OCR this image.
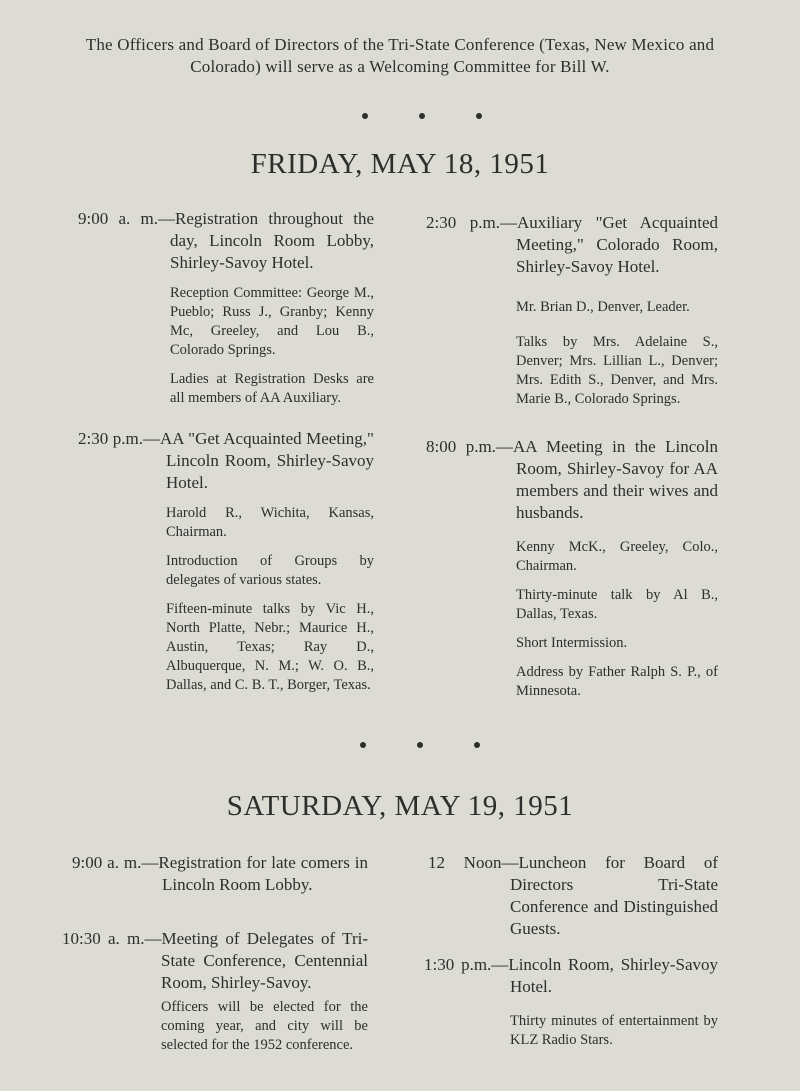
The Officers and Board of Directors of the Tri-State Conference (Texas, New Mexico and Colorado) will serve as a Welcoming Committee for Bill W.
FRIDAY, MAY 18, 1951
9:00 a. m.—Registration throughout the day, Lincoln Room Lobby, Shirley-Savoy Hotel.
Reception Committee: George M., Pueblo; Russ J., Granby; Kenny Mc, Greeley, and Lou B., Colorado Springs.
Ladies at Registration Desks are all members of AA Auxiliary.
2:30 p.m.—AA "Get Acquainted Meeting," Lincoln Room, Shirley-Savoy Hotel.
Harold R., Wichita, Kansas, Chairman.
Introduction of Groups by delegates of various states.
Fifteen-minute talks by Vic H., North Platte, Nebr.; Maurice H., Austin, Texas; Ray D., Albuquerque, N. M.; W. O. B., Dallas, and C. B. T., Borger, Texas.
2:30 p.m.—Auxiliary "Get Acquainted Meeting," Colorado Room, Shirley-Savoy Hotel.
Mr. Brian D., Denver, Leader.
Talks by Mrs. Adelaine S., Denver; Mrs. Lillian L., Denver; Mrs. Edith S., Denver, and Mrs. Marie B., Colorado Springs.
8:00 p.m.—AA Meeting in the Lincoln Room, Shirley-Savoy for AA members and their wives and husbands.
Kenny McK., Greeley, Colo., Chairman.
Thirty-minute talk by Al B., Dallas, Texas.
Short Intermission.
Address by Father Ralph S. P., of Minnesota.
SATURDAY, MAY 19, 1951
9:00 a. m.—Registration for late comers in Lincoln Room Lobby.
10:30 a. m.—Meeting of Delegates of Tri-State Conference, Centennial Room, Shirley-Savoy.
Officers will be elected for the coming year, and city will be selected for the 1952 conference.
12 Noon—Luncheon for Board of Directors Tri-State Conference and Distinguished Guests.
1:30 p.m.—Lincoln Room, Shirley-Savoy Hotel.
Thirty minutes of entertainment by KLZ Radio Stars.
